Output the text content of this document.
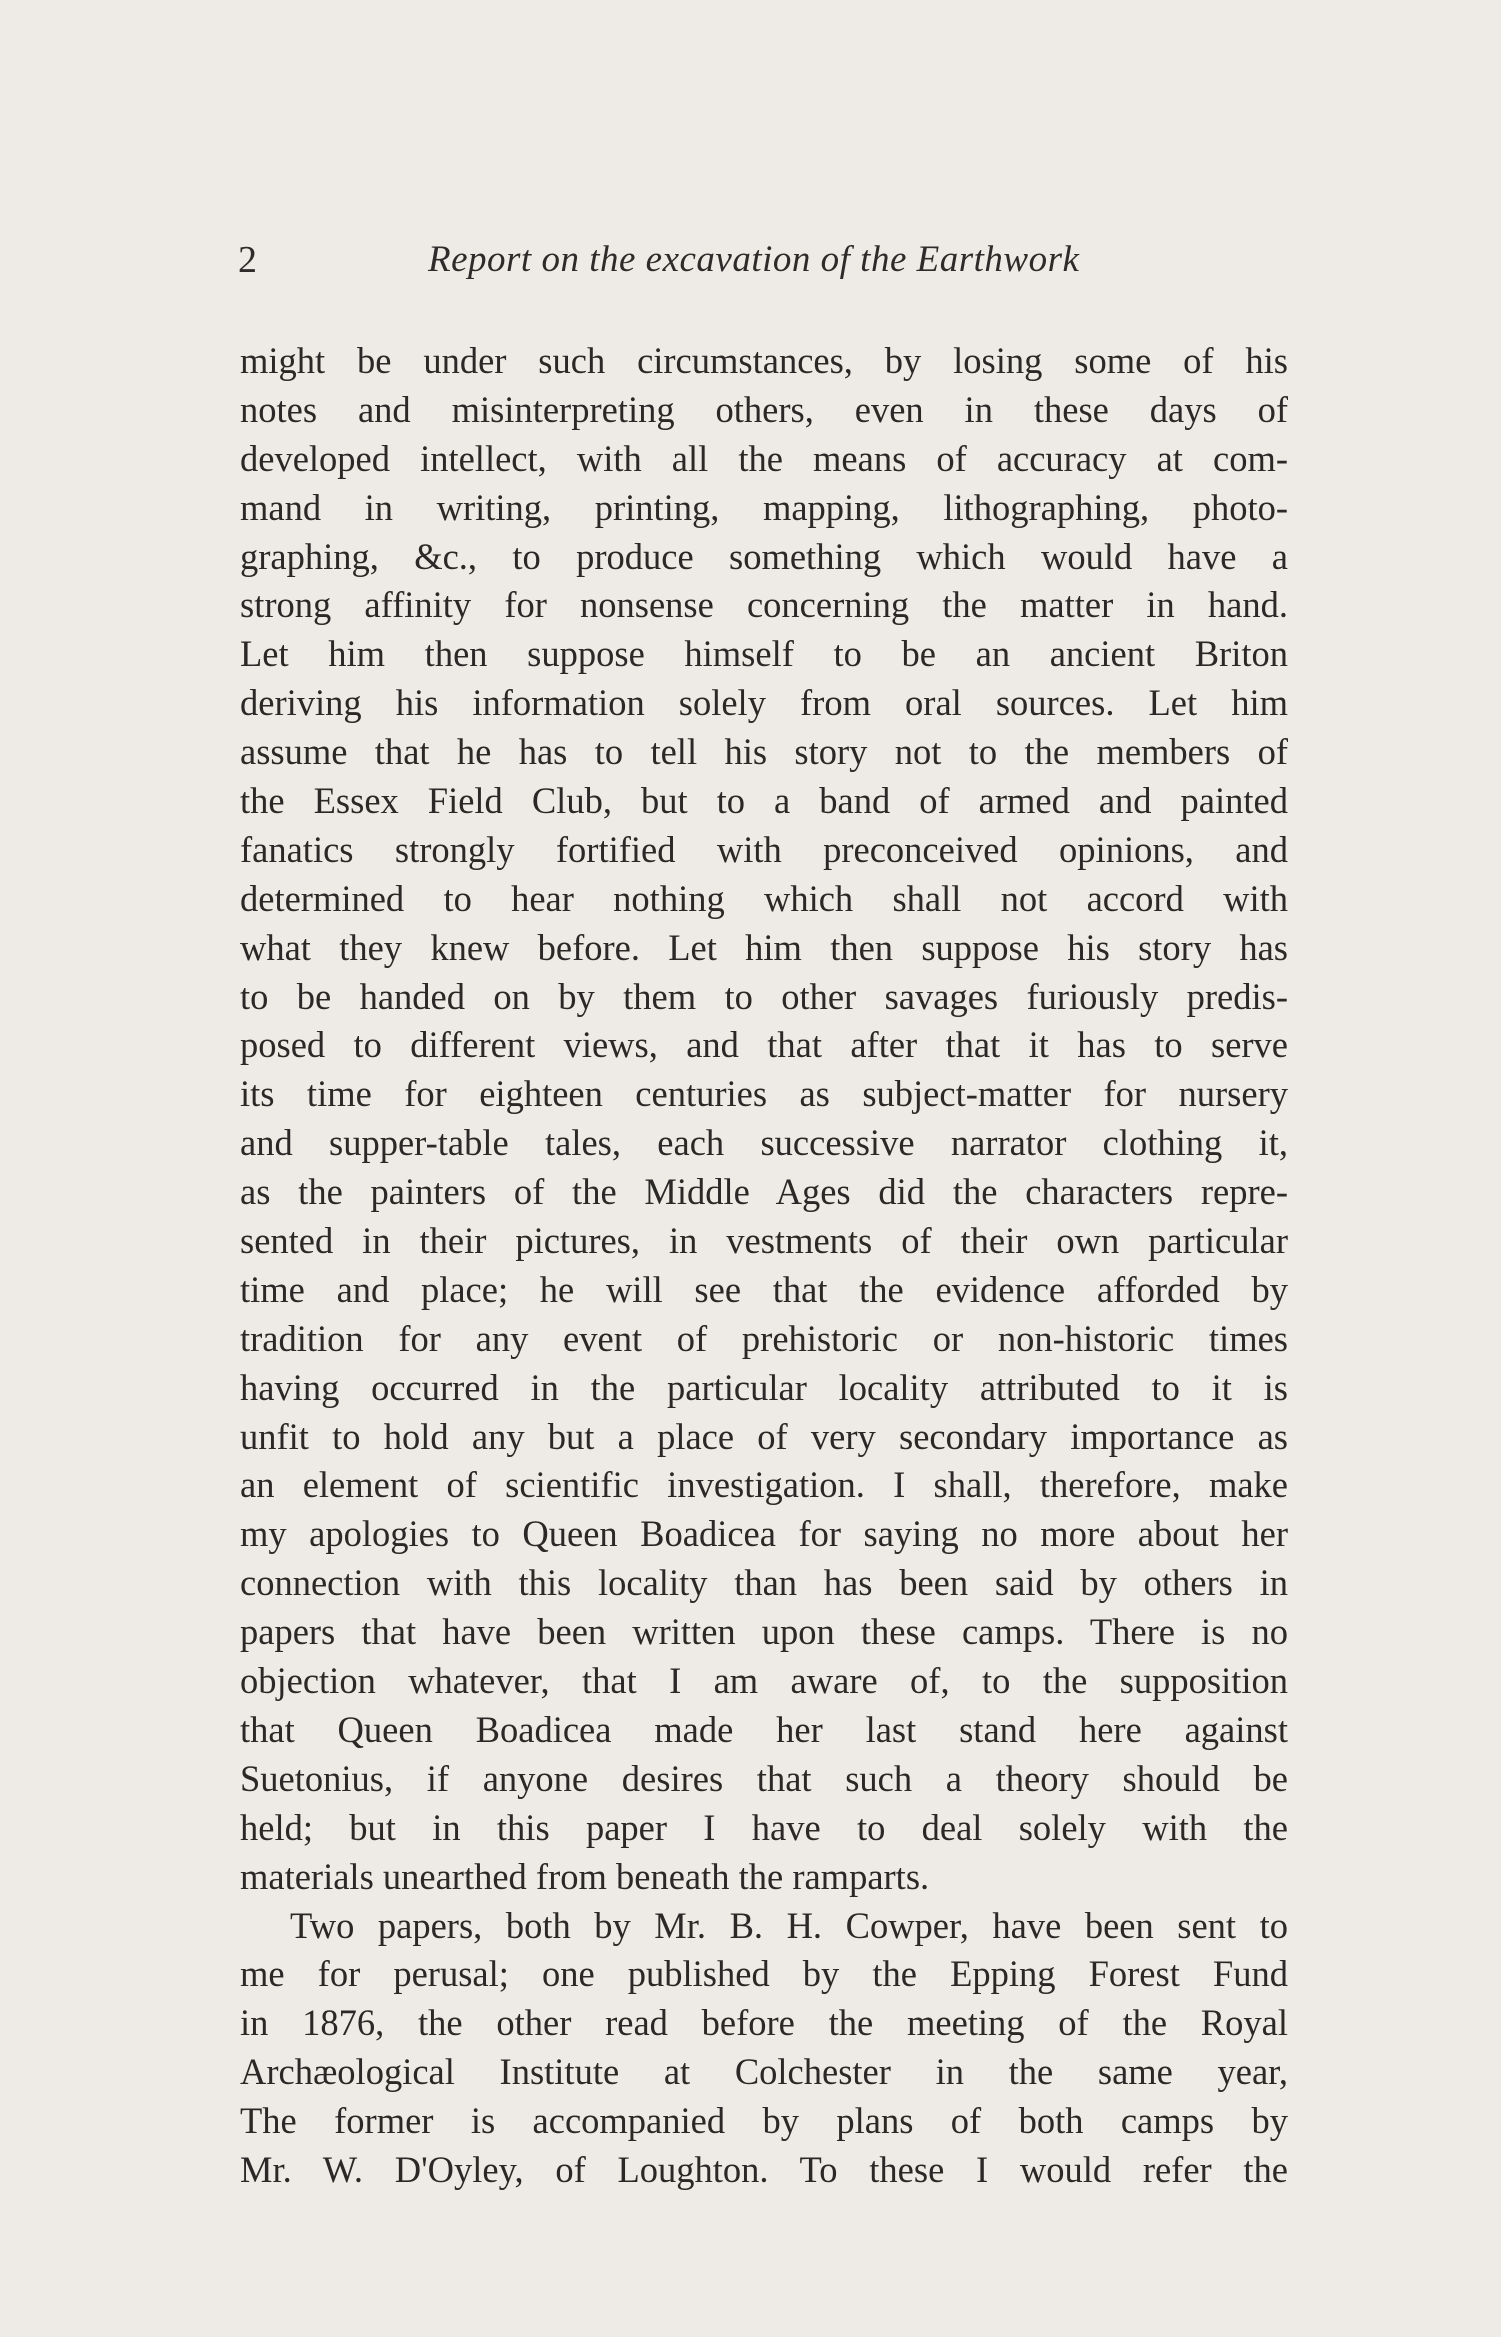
2	Report on the excavation of the Earthwork
might be under such circumstances, by losing some of his
notes and misinterpreting others, even in these days of
developed intellect, with all the means of accuracy at com-
mand in writing, printing, mapping, lithographing, photo-
graphing, &c., to produce something which would have a
strong affinity for nonsense concerning the matter in hand.
Let him then suppose himself to be an ancient Briton
deriving his information solely from oral sources. Let him
assume that he has to tell his story not to the members of
the Essex Field Club, but to a band of armed and painted
fanatics strongly fortified with preconceived opinions, and
determined to hear nothing which shall not accord with
what they knew before. Let him then suppose his story has
to be handed on by them to other savages furiously predis-
posed to different views, and that after that it has to serve
its time for eighteen centuries as subject-matter for nursery
and supper-table tales, each successive narrator clothing it,
as the painters of the Middle Ages did the characters repre-
sented in their pictures, in vestments of their own particular
time and place; he will see that the evidence afforded by
tradition for any event of prehistoric or non-historic times
having occurred in the particular locality attributed to it is
unfit to hold any but a place of very secondary importance as
an element of scientific investigation. I shall, therefore, make
my apologies to Queen Boadicea for saying no more about her
connection with this locality than has been said by others in
papers that have been written upon these camps. There is no
objection whatever, that I am aware of, to the supposition
that Queen Boadicea made her last stand here against
Suetonius, if anyone desires that such a theory should be
held; but in this paper I have to deal solely with the
materials unearthed from beneath the ramparts.
Two papers, both by Mr. B. H. Cowper, have been sent to
me for perusal; one published by the Epping Forest Fund
in 1876, the other read before the meeting of the Royal
Archæological Institute at Colchester in the same year,
The former is accompanied by plans of both camps by
Mr. W. D'Oyley, of Loughton. To these I would refer the
